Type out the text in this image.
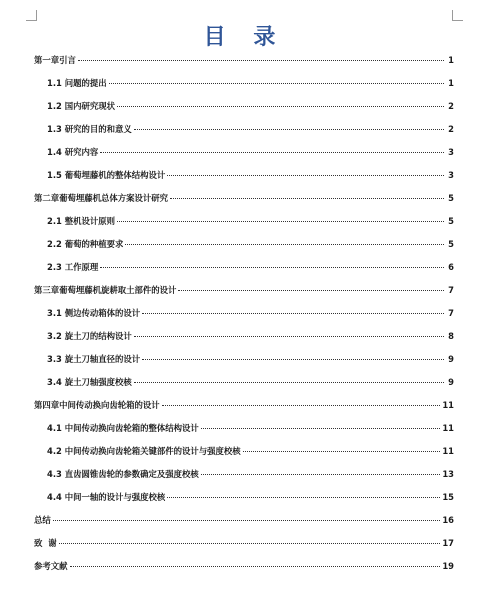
目 录
第一章引言	1
1.1 问题的提出	1
1.2 国内研究现状	2
1.3 研究的目的和意义	2
1.4 研究内容	3
1.5 葡萄埋藤机的整体结构设计	3
第二章葡萄埋藤机总体方案设计研究	5
2.1 整机设计原则	5
2.2 葡萄的种植要求	5
2.3 工作原理	6
第三章葡萄埋藤机旋耕取土部件的设计	7
3.1 侧边传动箱体的设计	7
3.2 旋土刀的结构设计	8
3.3 旋土刀轴直径的设计	9
3.4 旋土刀轴强度校核	9
第四章中间传动换向齿轮箱的设计	11
4.1 中间传动换向齿轮箱的整体结构设计	11
4.2 中间传动换向齿轮箱关键部件的设计与强度校核	11
4.3 直齿圆锥齿轮的参数确定及强度校核	13
4.4 中间一轴的设计与强度校核	15
总结	16
致  谢	17
参考文献	19
